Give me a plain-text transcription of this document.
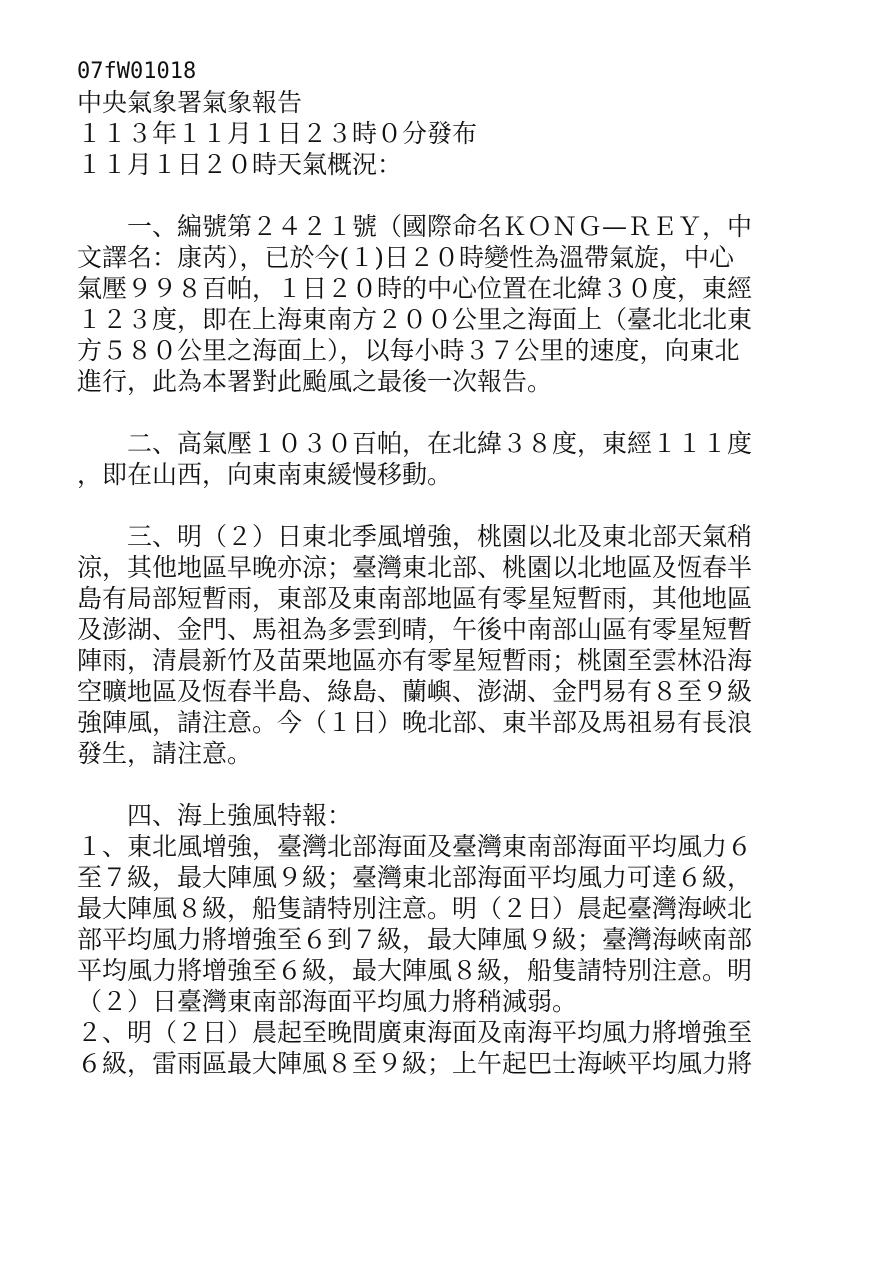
07fW01018
中央氣象署氣象報告
１１３年１１月１日２３時０分發布
１１月１日２０時天氣概況：
　　一、編號第２４２１號（國際命名ＫＯＮＧ—ＲＥＹ，中
文譯名：康芮），已於今(１)日２０時變性為溫帶氣旋，中心
氣壓９９８百帕，１日２０時的中心位置在北緯３０度，東經
１２３度，即在上海東南方２００公里之海面上（臺北北北東
方５８０公里之海面上），以每小時３７公里的速度，向東北
進行，此為本署對此颱風之最後一次報告。
　　二、高氣壓１０３０百帕，在北緯３８度，東經１１１度
，即在山西，向東南東緩慢移動。
　　三、明（２）日東北季風增強，桃園以北及東北部天氣稍
涼，其他地區早晚亦涼；臺灣東北部、桃園以北地區及恆春半
島有局部短暫雨，東部及東南部地區有零星短暫雨，其他地區
及澎湖、金門、馬祖為多雲到晴，午後中南部山區有零星短暫
陣雨，清晨新竹及苗栗地區亦有零星短暫雨；桃園至雲林沿海
空曠地區及恆春半島、綠島、蘭嶼、澎湖、金門易有８至９級
強陣風，請注意。今（１日）晚北部、東半部及馬祖易有長浪
發生，請注意。
　　四、海上強風特報：
１、東北風增強，臺灣北部海面及臺灣東南部海面平均風力６
至７級，最大陣風９級；臺灣東北部海面平均風力可達６級，
最大陣風８級，船隻請特別注意。明（２日）晨起臺灣海峽北
部平均風力將增強至６到７級，最大陣風９級；臺灣海峽南部
平均風力將增強至６級，最大陣風８級，船隻請特別注意。明
（２）日臺灣東南部海面平均風力將稍減弱。
２、明（２日）晨起至晚間廣東海面及南海平均風力將增強至
６級，雷雨區最大陣風８至９級；上午起巴士海峽平均風力將
